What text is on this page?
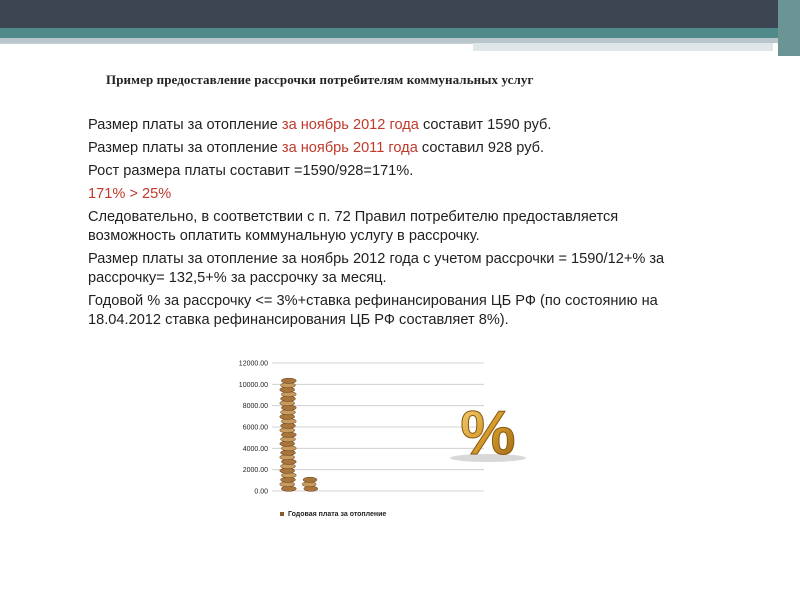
Пример предоставление рассрочки потребителям коммунальных услуг

Размер платы за отопление за ноябрь 2012 года составит 1590 руб.

Размер платы за отопление за ноябрь 2011 года составил 928 руб.

Рост размера платы составит =1590/928=171%.

171% > 25%

Следовательно, в соответствии с п. 72 Правил потребителю предоставляется возможность оплатить коммунальную услугу в рассрочку.

Размер платы за отопление за ноябрь 2012 года с учетом рассрочки = 1590/12+% за рассрочку= 132,5+% за рассрочку за месяц.

Годовой % за рассрочку <= 3%+ставка рефинансирования ЦБ РФ (по состоянию на 18.04.2012 ставка рефинансирования ЦБ РФ составляет 8%).

0.00
2000.00
4000.00
6000.00
8000.00
10000.00
12000.00
Годовая плата за отопление
%
